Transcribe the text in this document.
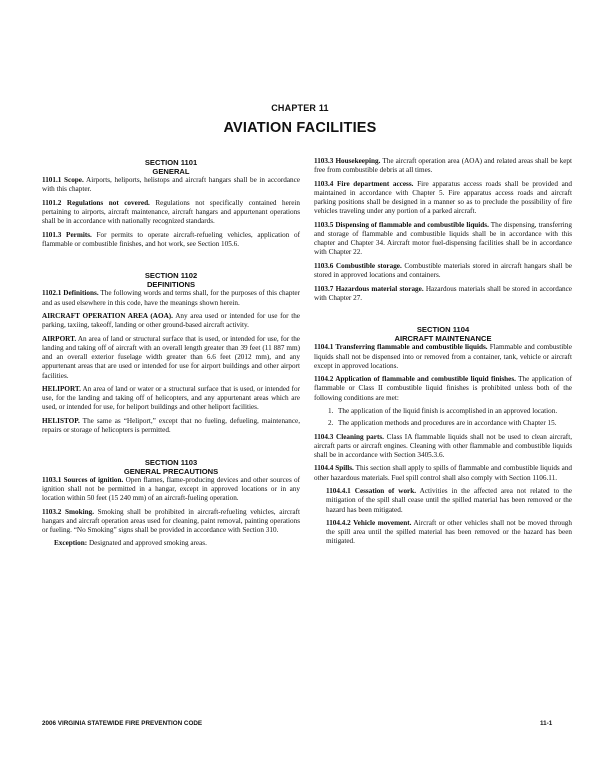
CHAPTER 11
AVIATION FACILITIES
SECTION 1101
GENERAL

1101.1 Scope. Airports, heliports, helistops and aircraft hangars shall be in accordance with this chapter.

1101.2 Regulations not covered. Regulations not specifically contained herein pertaining to airports, aircraft maintenance, aircraft hangars and appurtenant operations shall be in accordance with nationally recognized standards.

1101.3 Permits. For permits to operate aircraft-refueling vehicles, application of flammable or combustible finishes, and hot work, see Section 105.6.

SECTION 1102
DEFINITIONS

1102.1 Definitions. The following words and terms shall, for the purposes of this chapter and as used elsewhere in this code, have the meanings shown herein.

AIRCRAFT OPERATION AREA (AOA). Any area used or intended for use for the parking, taxiing, takeoff, landing or other ground-based aircraft activity.

AIRPORT. An area of land or structural surface that is used, or intended for use, for the landing and taking off of aircraft with an overall length greater than 39 feet (11 887 mm) and an overall exterior fuselage width greater than 6.6 feet (2012 mm), and any appurtenant areas that are used or intended for use for airport buildings and other airport facilities.

HELIPORT. An area of land or water or a structural surface that is used, or intended for use, for the landing and taking off of helicopters, and any appurtenant areas which are used, or intended for use, for heliport buildings and other heliport facilities.

HELISTOP. The same as “Heliport,” except that no fueling, defueling, maintenance, repairs or storage of helicopters is permitted.

SECTION 1103
GENERAL PRECAUTIONS

1103.1 Sources of ignition. Open flames, flame-producing devices and other sources of ignition shall not be permitted in a hangar, except in approved locations or in any location within 50 feet (15 240 mm) of an aircraft-fueling operation.

1103.2 Smoking. Smoking shall be prohibited in aircraft-refueling vehicles, aircraft hangars and aircraft operation areas used for cleaning, paint removal, painting operations or fueling. “No Smoking” signs shall be provided in accordance with Section 310.

Exception: Designated and approved smoking areas.

1103.3 Housekeeping. The aircraft operation area (AOA) and related areas shall be kept free from combustible debris at all times.

1103.4 Fire department access. Fire apparatus access roads shall be provided and maintained in accordance with Chapter 5. Fire apparatus access roads and aircraft parking positions shall be designed in a manner so as to preclude the possibility of fire vehicles traveling under any portion of a parked aircraft.

1103.5 Dispensing of flammable and combustible liquids. The dispensing, transferring and storage of flammable and combustible liquids shall be in accordance with this chapter and Chapter 34. Aircraft motor fuel-dispensing facilities shall be in accordance with Chapter 22.

1103.6 Combustible storage. Combustible materials stored in aircraft hangars shall be stored in approved locations and containers.

1103.7 Hazardous material storage. Hazardous materials shall be stored in accordance with Chapter 27.

SECTION 1104
AIRCRAFT MAINTENANCE

1104.1 Transferring flammable and combustible liquids. Flammable and combustible liquids shall not be dispensed into or removed from a container, tank, vehicle or aircraft except in approved locations.

1104.2 Application of flammable and combustible liquid finishes. The application of flammable or Class II combustible liquid finishes is prohibited unless both of the following conditions are met:

1. The application of the liquid finish is accomplished in an approved location.
2. The application methods and procedures are in accordance with Chapter 15.

1104.3 Cleaning parts. Class IA flammable liquids shall not be used to clean aircraft, aircraft parts or aircraft engines. Cleaning with other flammable and combustible liquids shall be in accordance with Section 3405.3.6.

1104.4 Spills. This section shall apply to spills of flammable and combustible liquids and other hazardous materials. Fuel spill control shall also comply with Section 1106.11.

1104.4.1 Cessation of work. Activities in the affected area not related to the mitigation of the spill shall cease until the spilled material has been removed or the hazard has been mitigated.

1104.4.2 Vehicle movement. Aircraft or other vehicles shall not be moved through the spill area until the spilled material has been removed or the hazard has been mitigated.

2006 VIRGINIA STATEWIDE FIRE PREVENTION CODE	11-1
